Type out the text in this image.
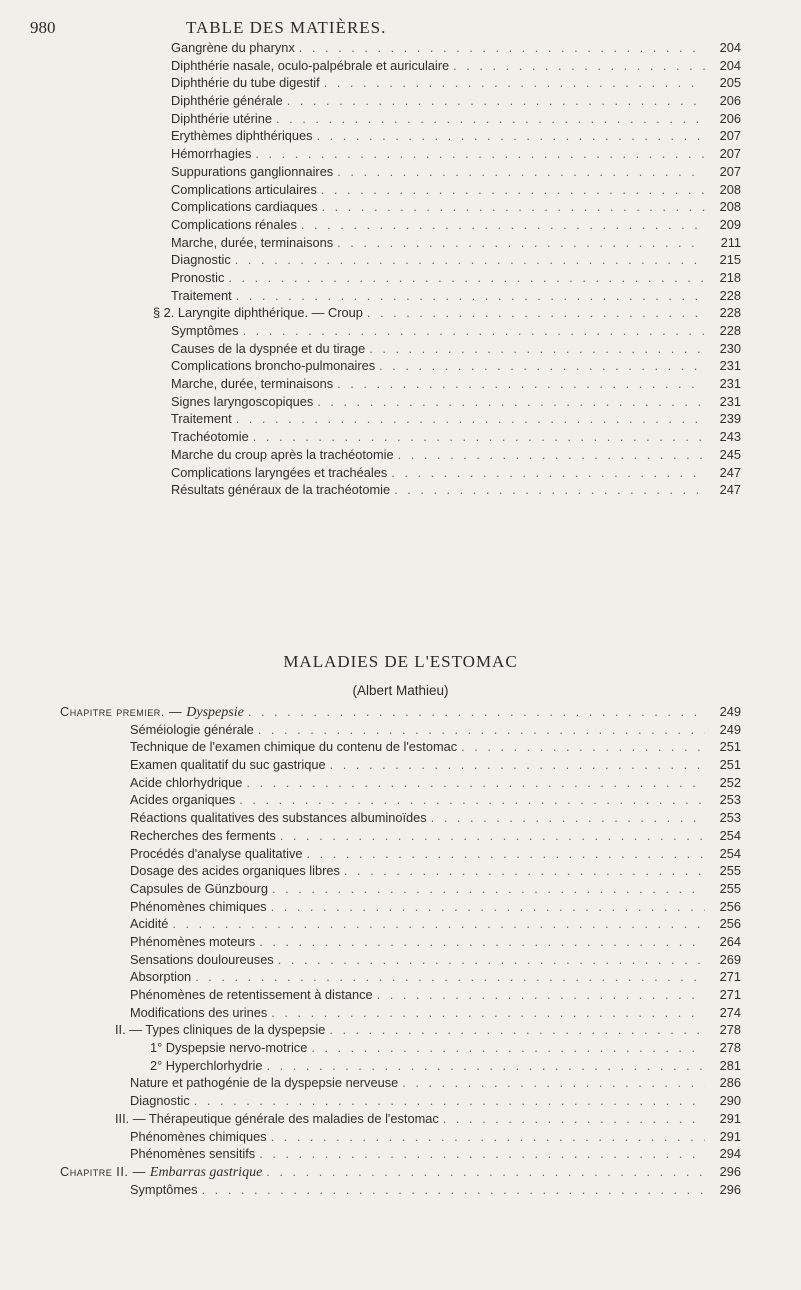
980	TABLE DES MATIÈRES.
Gangrène du pharynx . . .	204
Diphthérie nasale, oculo-palpébrale et auriculaire . . .	204
Diphthérie du tube digestif . . .	205
Diphthérie générale . . .	206
Diphthérie utérine . . .	206
Erythèmes diphthériques . . .	207
Hémorrhagies . . .	207
Suppurations ganglionnaires . . .	207
Complications articulaires . . .	208
Complications cardiaques . . .	208
Complications rénales . . .	209
Marche, durée, terminaisons . . .	211
Diagnostic . . .	215
Pronostic . . .	218
Traitement . . .	228
§ 2. Laryngite diphthérique. — Croup . . .	228
Symptômes . . .	228
Causes de la dyspnée et du tirage . . .	230
Complications broncho-pulmonaires . . .	231
Marche, durée, terminaisons . . .	231
Signes laryngoscopiques . . .	231
Traitement . . .	239
Trachéotomie . . .	243
Marche du croup après la trachéotomie . . .	245
Complications laryngées et trachéales . . .	247
Résultats généraux de la trachéotomie . . .	247
MALADIES DE L'ESTOMAC
(Albert Mathieu)
Chapitre premier. — Dyspepsie . . .	249
Séméiologie générale . . .	249
Technique de l'examen chimique du contenu de l'estomac . . .	251
Examen qualitatif du suc gastrique . . .	251
Acide chlorhydrique . . .	252
Acides organiques . . .	253
Réactions qualitatives des substances albuminoïdes . . .	253
Recherches des ferments . . .	254
Procédés d'analyse qualitative . . .	254
Dosage des acides organiques libres . . .	255
Capsules de Günzbourg . . .	255
Phénomènes chimiques . . .	256
Acidité . . .	256
Phénomènes moteurs . . .	264
Sensations douloureuses . . .	269
Absorption . . .	271
Phénomènes de retentissement à distance . . .	271
Modifications des urines . . .	274
II. — Types cliniques de la dyspepsie . . .	278
1° Dyspepsie nervo-motrice . . .	278
2° Hyperchlorhydrie . . .	281
Nature et pathogénie de la dyspepsie nerveuse . . .	286
Diagnostic . . .	290
III. — Thérapeutique générale des maladies de l'estomac . . .	291
Phénomènes chimiques . . .	291
Phénomènes sensitifs . . .	294
Chapitre II. — Embarras gastrique . . .	296
Symptômes . . .	296
